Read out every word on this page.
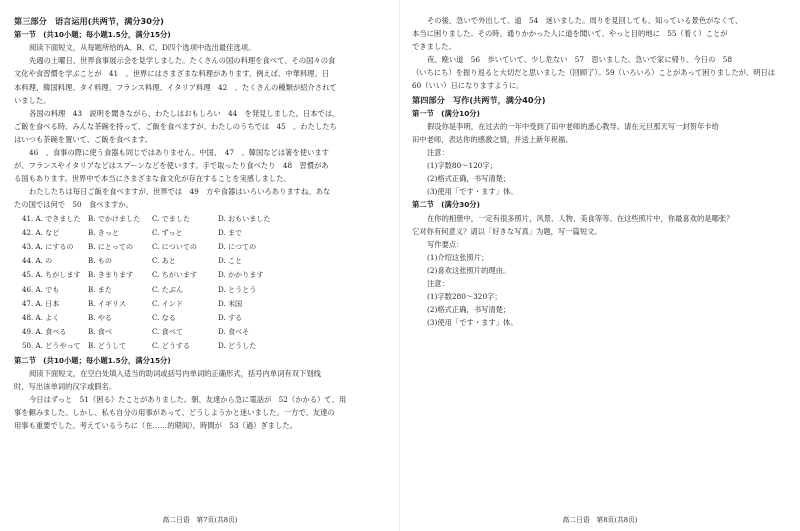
第三部分　语言运用(共两节，满分30分)

第一节　(共10小题；每小题1.5分，满分15分)

阅读下面短文，从每题所给的A、B、C、D四个选项中选出最佳选项。

先週の土曜日、世界食事展示会を見学しました。たくさんの国の料理を食べて、その国々の食

文化や食習慣を学ぶことが　41　。世界にはさまざまな料理があります。例えば、中華料理、日

本料理、韓国料理、タイ料理、フランス料理、イタリア料理　42　、たくさんの種類が紹介されて

いました。

各国の料理　43　説明を聞きながら、わたしはおもしろい　44　を発見しました。日本では、

ご飯を食べる時、みんな茶碗を持って、ご飯を食べますが、わたしのうちでは　45　。わたしたち

はいつも茶碗を置いて、ご飯を食べます。

46　、食事の際に使う食器も同じではありません。中国、　47　、韓国などは箸を使います

が、フランスやイタリアなどはスプーンなどを使います。手で取ったり食べたり　48　習慣があ

る国もあります。世界中で本当にさまざまな食文化が存在することを実感しました。

わたしたちは毎日ご飯を食べますが、世界では　49　方や食器はいろいろありますね。あな

たの国では何で　50　食べますか。

41. A. できました	B. でかけました	C. でました	D. おもいました
42. A. など	B. きっと	C. ずっと	D. まで
43. A. にするの	B. にとっての	C. についての	D. につての
44. A. の	B. もの	C. あと	D. こと
45. A. ちがします	B. きまります	C. ちがいます	D. かかります
46. A. でも	B. また	C. たぶん	D. とうとう
47. A. 日本	B. イギリス	C. インド	D. 米国
48. A. よく	B. やる	C. なる	D. する
49. A. 食べる	B. 食べ	C. 食べて	D. 食べそ
50. A. どうやって	B. どうして	C. どうする	D. どうした

第二节　(共10小题；每小题1.5分，满分15分)

阅读下面短文，在空白处填入适当的助词或括号内单词的正确形式，括号内单词有双下划线

时，写出该单词的汉字或假名。

今日はずっと　51（困る）たことがありました。朝、友達から急に電話が　52（かかる）て、用

事を頼みました。しかし、私も自分の用事があって、どうしようかと迷いました。一方で、友達の

用事も重要でした。考えているうちに（在……的期间），時間が　53（過）ぎました。

高二日语　第7页(共8页)

その後、急いで外出して、道　54　迷いました。周りを見回しても、知っている景色がなくて、

本当に困りました。その時、通りかかった人に道を聞いて、やっと目的地に　55（着く）ことが

できました。

夜、晩い道　56　歩いていて、少し危ない　57　思いました。急いで家に帰り、今日の　58

（いちにち）を振り返ると大切だと思いました（回顾了）。59（いろいろ）ことがあって困りましたが、明日は

60（いい）日になりますように。

第四部分　写作(共两节，满分40分)

第一节　(满分10分)

假设你是李明，在过去的一年中受到了田中老师的悉心教导。请在元旦那天写一封贺年卡给

田中老师，表达你的感激之情，并送上新年祝福。

注意：

(1)字数80～120字；

(2)格式正确，书写清楚；

(3)使用「です・ます」体。

第二节　(满分30分)

在你的相册中，一定有很多照片，风景、人物、美食等等。在这些照片中，你最喜欢的是哪张？

它对你有何意义？请以「好きな写真」为题，写一篇短文。

写作要点：

(1)介绍这张照片；

(2)喜欢这张照片的理由。

注意：

(1)字数280～320字；

(2)格式正确，书写清楚；

(3)使用「です・ます」体。

高二日语　第8页(共8页)
